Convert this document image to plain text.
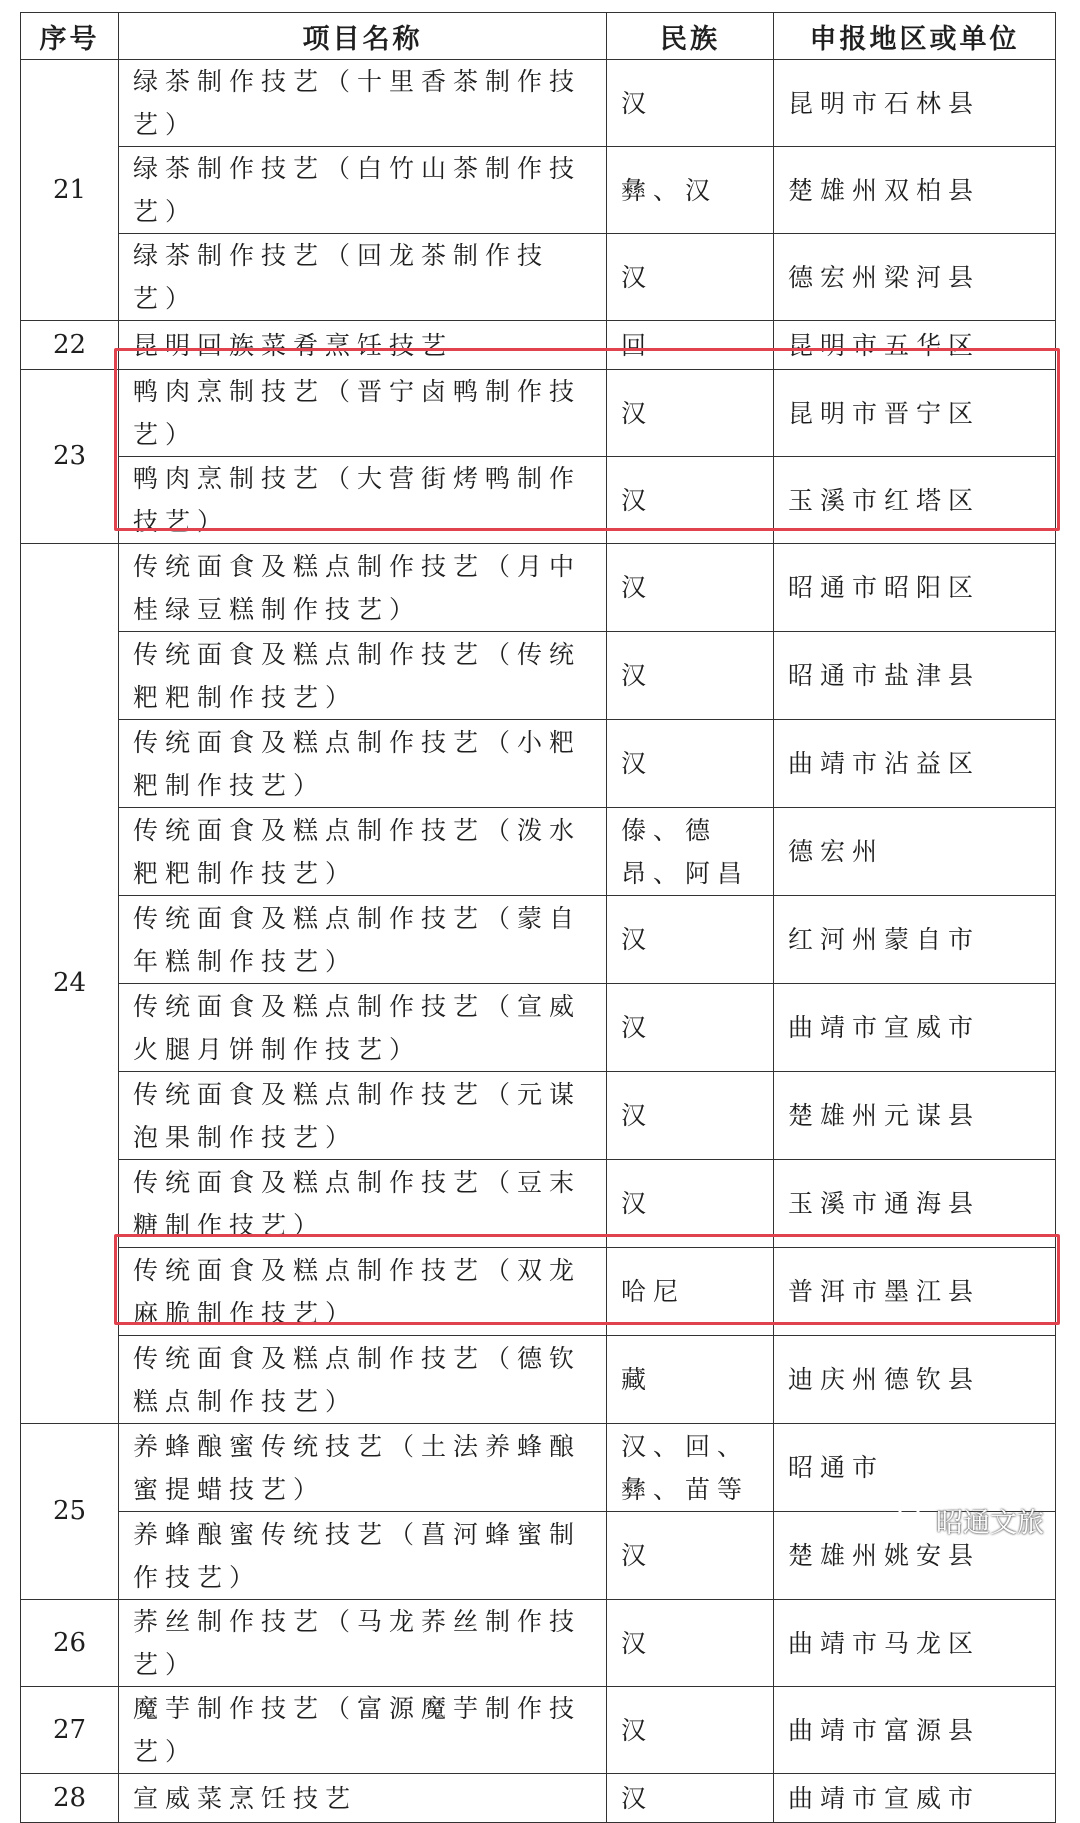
序号	项目名称	民族	申报地区或单位
21	绿茶制作技艺（十里香茶制作技艺）	汉	昆明市石林县
	绿茶制作技艺（白竹山茶制作技艺）	彝、汉	楚雄州双柏县
	绿茶制作技艺（回龙茶制作技艺）	汉	德宏州梁河县
22	昆明回族菜肴烹饪技艺	回	昆明市五华区
23	鸭肉烹制技艺（晋宁卤鸭制作技艺）	汉	昆明市晋宁区
	鸭肉烹制技艺（大营街烤鸭制作技艺）	汉	玉溪市红塔区
24	传统面食及糕点制作技艺（月中桂绿豆糕制作技艺）	汉	昭通市昭阳区
	传统面食及糕点制作技艺（传统粑粑制作技艺）	汉	昭通市盐津县
	传统面食及糕点制作技艺（小粑粑制作技艺）	汉	曲靖市沾益区
	传统面食及糕点制作技艺（泼水粑粑制作技艺）	傣、德昂、阿昌	德宏州
	传统面食及糕点制作技艺（蒙自年糕制作技艺）	汉	红河州蒙自市
	传统面食及糕点制作技艺（宣威火腿月饼制作技艺）	汉	曲靖市宣威市
	传统面食及糕点制作技艺（元谋泡果制作技艺）	汉	楚雄州元谋县
	传统面食及糕点制作技艺（豆末糖制作技艺）	汉	玉溪市通海县
	传统面食及糕点制作技艺（双龙麻脆制作技艺）	哈尼	普洱市墨江县
	传统面食及糕点制作技艺（德钦糕点制作技艺）	藏	迪庆州德钦县
25	养蜂酿蜜传统技艺（土法养蜂酿蜜提蜡技艺）	汉、回、彝、苗等	昭通市
	养蜂酿蜜传统技艺（菖河蜂蜜制作技艺）	汉	楚雄州姚安县
26	荞丝制作技艺（马龙荞丝制作技艺）	汉	曲靖市马龙区
27	魔芋制作技艺（富源魔芋制作技艺）	汉	曲靖市富源县
28	宣威菜烹饪技艺	汉	曲靖市宣威市
昭通文旅
